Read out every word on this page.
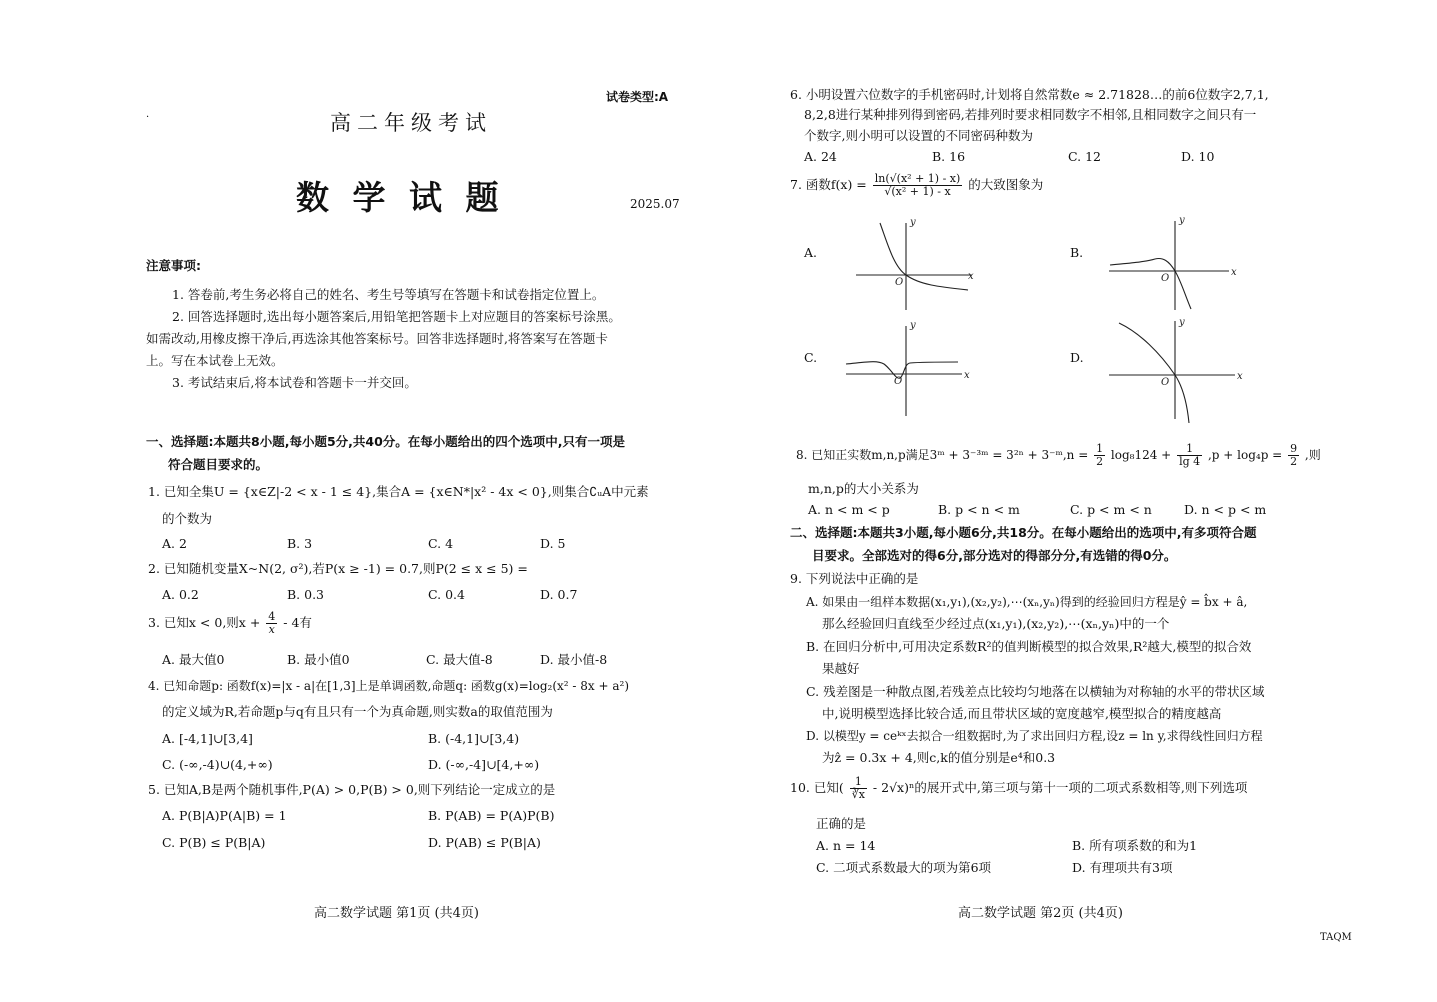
试卷类型:A
·	高二年级考试
数 学 试 题	2025.07
注意事项:
1. 答卷前,考生务必将自己的姓名、考生号等填写在答题卡和试卷指定位置上。
2. 回答选择题时,选出每小题答案后,用铅笔把答题卡上对应题目的答案标号涂黑。
如需改动,用橡皮擦干净后,再选涂其他答案标号。回答非选择题时,将答案写在答题卡
上。写在本试卷上无效。
3. 考试结束后,将本试卷和答题卡一并交回。
一、选择题:本题共8小题,每小题5分,共40分。在每小题给出的四个选项中,只有一项是
符合题目要求的。
1. 已知全集U = {x∈Z|-2 < x - 1 ≤ 4},集合A = {x∈N*|x² - 4x < 0},则集合∁ᵤA中元素
的个数为
A. 2	B. 3	C. 4	D. 5
2. 已知随机变量X~N(2, σ²),若P(x ≥ -1) = 0.7,则P(2 ≤ x ≤ 5) =
A. 0.2	B. 0.3	C. 0.4	D. 0.7
3. 已知x < 0,则$x + \frac{4}{x} - 4$有
A. 最大值0	B. 最小值0	C. 最大值-8	D. 最小值-8
4. 已知命题p: 函数f(x)=|x - a|在[1,3]上是单调函数,命题q: 函数g(x)=log₂(x² - 8x + a²)
的定义域为R,若命题p与q有且只有一个为真命题,则实数a的取值范围为
A. [-4,1]∪[3,4]	B. (-4,1]∪[3,4)
C. (-∞,-4)∪(4,+∞)	D. (-∞,-4]∪[4,+∞)
5. 已知A,B是两个随机事件,P(A) > 0,P(B) > 0,则下列结论一定成立的是
A. P(B|A)P(A|B) = 1	B. P(AB) = P(A)P(B)
C. P(B) ≤ P(B|A)	D. P(AB) ≤ P(B|A)
高二数学试题 第1页 (共4页)
6. 小明设置六位数字的手机密码时,计划将自然常数e ≈ 2.71828…的前6位数字2,7,1,
8,2,8进行某种排列得到密码,若排列时要求相同数字不相邻,且相同数字之间只有一
个数字,则小明可以设置的不同密码种数为
A. 24	B. 16	C. 12	D. 10
7. 函数$f(x) = \frac{\text{ln(√(x² + 1) - x)}}{\text{√(x² + 1) - x}}$ 的大致图象为
A.	B.
C.	D.
y
x
O
y
x
O
y
x
O
y
x
O
8. 已知正实数m,n,p满足3ᵐ + 3⁻³ᵐ = 3²ⁿ + 3⁻ᵐ,n = $\frac{1}{2} \log_8124 + \frac{1}{\lg 4} ,p + \log_4p = \frac{9}{2}$ ,则
m,n,p的大小关系为
A. n < m < p	B. p < n < m	C. p < m < n	D. n < p < m
二、选择题:本题共3小题,每小题6分,共18分。在每小题给出的选项中,有多项符合题
目要求。全部选对的得6分,部分选对的得部分分,有选错的得0分。
9. 下列说法中正确的是
A. 如果由一组样本数据(x₁,y₁),(x₂,y₂),⋯(xₙ,yₙ)得到的经验回归方程是ŷ = b̂x + â,
那么经验回归直线至少经过点(x₁,y₁),(x₂,y₂),⋯(xₙ,yₙ)中的一个
B. 在回归分析中,可用决定系数R²的值判断模型的拟合效果,R²越大,模型的拟合效
果越好
C. 残差图是一种散点图,若残差点比较均匀地落在以横轴为对称轴的水平的带状区域
中,说明模型选择比较合适,而且带状区域的宽度越窄,模型拟合的精度越高
D. 以模型y = ceᵏˣ去拟合一组数据时,为了求出回归方程,设z = ln y,求得线性回归方程
为ẑ = 0.3x + 4,则c,k的值分别是e⁴和0.3
10. 已知( $\frac{1}{∛x} - 2√x)^n$的展开式中,第三项与第十一项的二项式系数相等,则下列选项
正确的是
A. n = 14	B. 所有项系数的和为1
C. 二项式系数最大的项为第6项	D. 有理项共有3项
高二数学试题 第2页 (共4页)
TAQM
